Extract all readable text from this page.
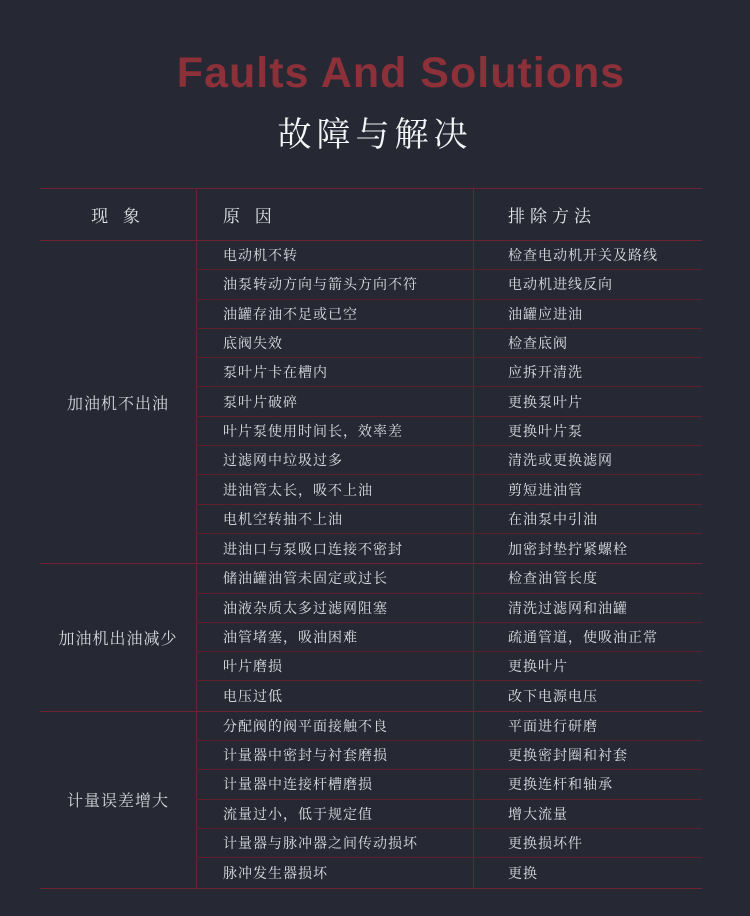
Faults And Solutions
故障与解决
现 象	原 因	排除方法
加油机不出油
电动机不转	检查电动机开关及路线
油泵转动方向与箭头方向不符	电动机进线反向
油罐存油不足或已空	油罐应进油
底阀失效	检查底阀
泵叶片卡在槽内	应拆开清洗
泵叶片破碎	更换泵叶片
叶片泵使用时间长，效率差	更换叶片泵
过滤网中垃圾过多	清洗或更换滤网
进油管太长，吸不上油	剪短进油管
电机空转抽不上油	在油泵中引油
进油口与泵吸口连接不密封	加密封垫拧紧螺栓
加油机出油减少
储油罐油管未固定或过长	检查油管长度
油液杂质太多过滤网阻塞	清洗过滤网和油罐
油管堵塞，吸油困难	疏通管道，使吸油正常
叶片磨损	更换叶片
电压过低	改下电源电压
计量误差增大
分配阀的阀平面接触不良	平面进行研磨
计量器中密封与衬套磨损	更换密封圈和衬套
计量器中连接杆槽磨损	更换连杆和轴承
流量过小，低于规定值	增大流量
计量器与脉冲器之间传动损坏	更换损坏件
脉冲发生器损坏	更换
